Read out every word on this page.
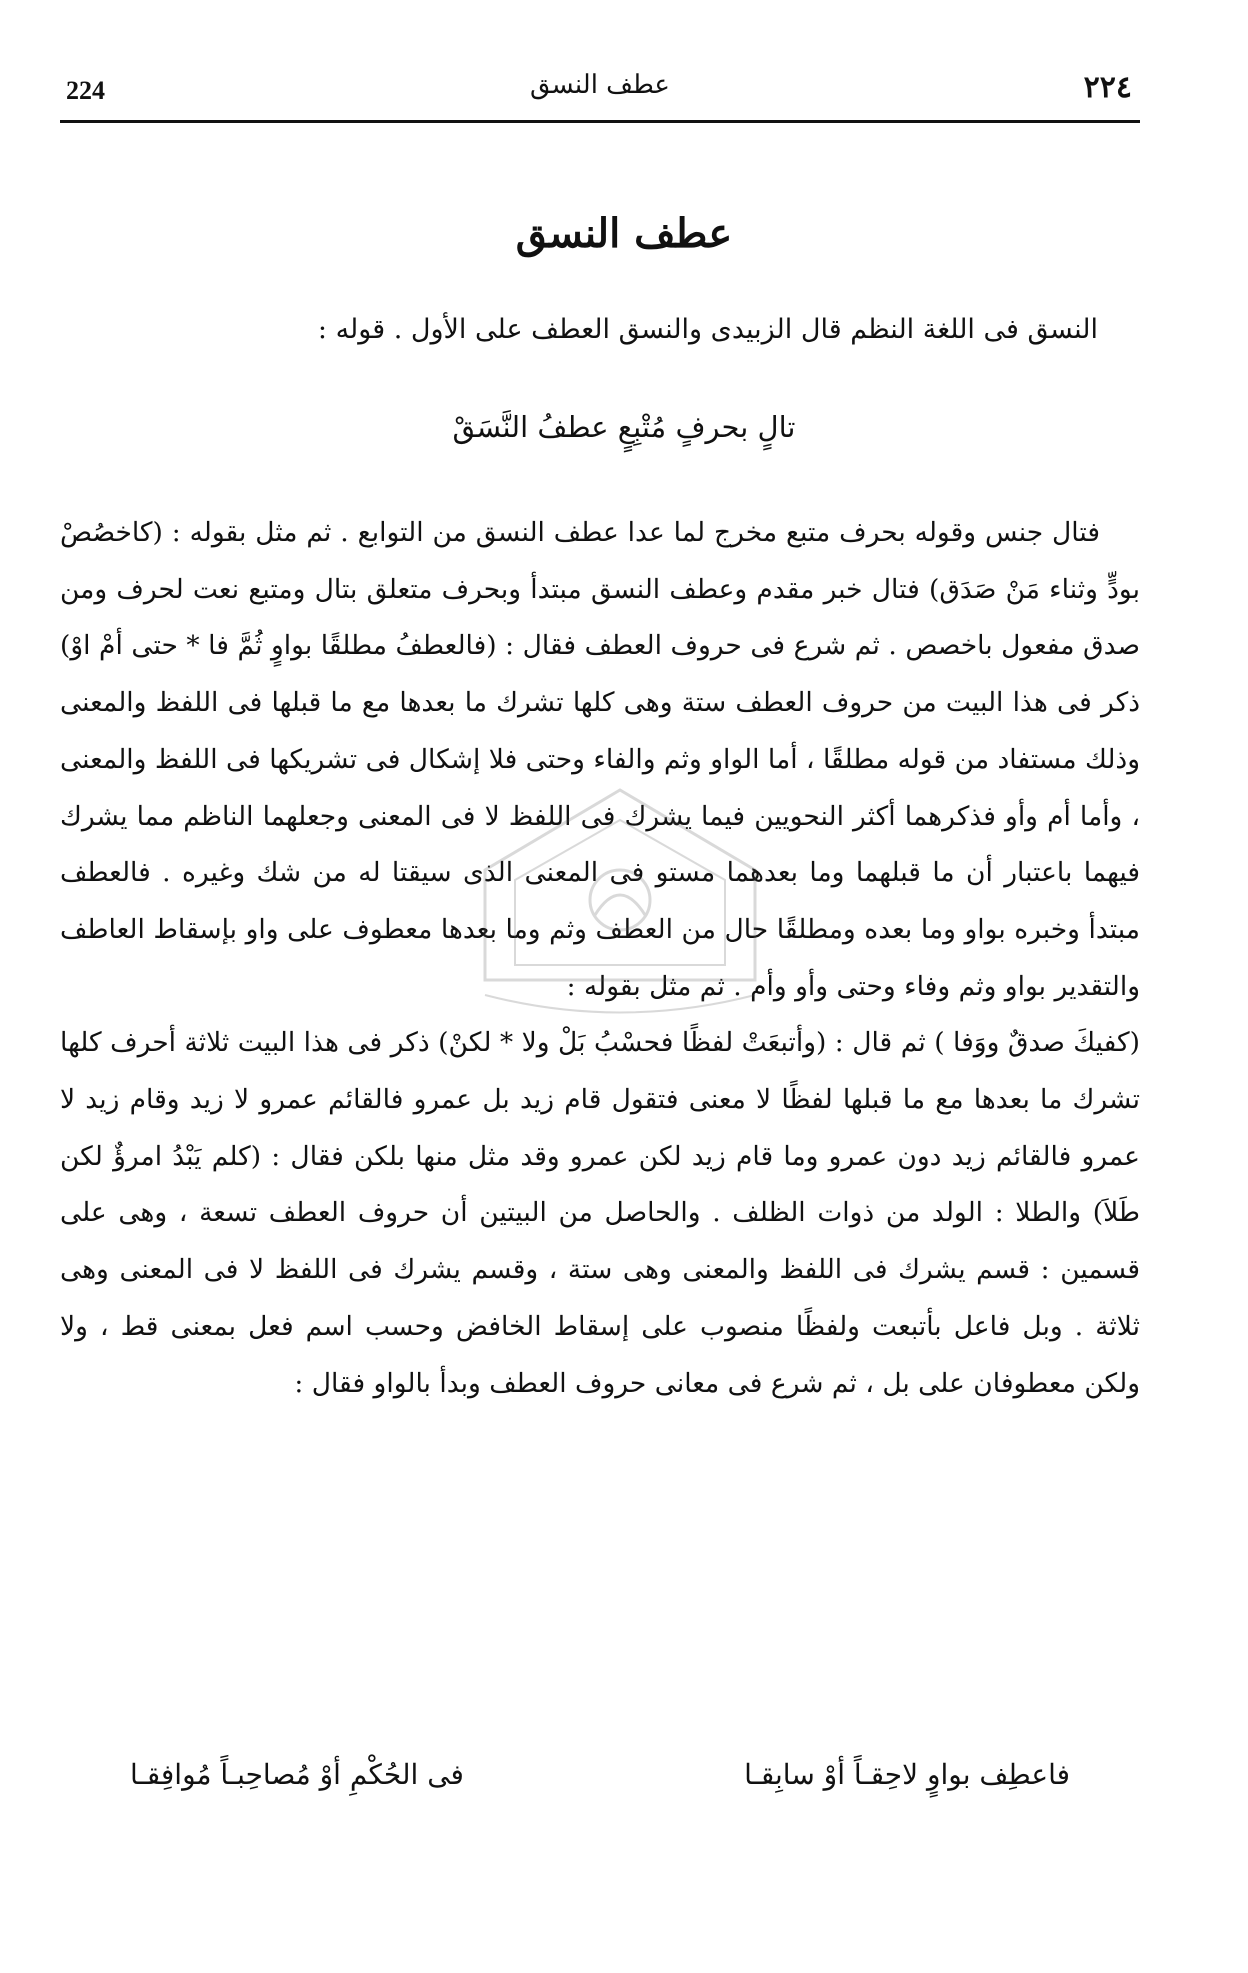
224	عطف النسق	٢٢٤
عطف النسق
النسق فى اللغة النظم قال الزبيدى والنسق العطف على الأول . قوله :
تالٍ بحرفٍ مُتْبِعٍ عطفُ النَّسَقْ

فتال جنس وقوله بحرف متبع مخرج لما عدا عطف النسق من التوابع . ثم مثل بقوله : (كاخصُصْ بودٍّ وثناء مَنْ صَدَق) فتال خبر مقدم وعطف النسق مبتدأ وبحرف متعلق بتال ومتبع نعت لحرف ومن صدق مفعول باخصص . ثم شرع فى حروف العطف فقال : (فالعطفُ مطلقًا بواوٍ ثُمَّ فا * حتى أمْ اوْ) ذكر فى هذا البيت من حروف العطف ستة وهى كلها تشرك ما بعدها مع ما قبلها فى اللفظ والمعنى وذلك مستفاد من قوله مطلقًا ، أما الواو وثم والفاء وحتى فلا إشكال فى تشريكها فى اللفظ والمعنى ، وأما أم وأو فذكرهما أكثر النحويين فيما يشرك فى اللفظ لا فى المعنى وجعلهما الناظم مما يشرك فيهما باعتبار أن ما قبلهما وما بعدهما مستو فى المعنى الذى سيقتا له من شك وغيره . فالعطف مبتدأ وخبره بواو وما بعده ومطلقًا حال من العطف وثم وما بعدها معطوف على واو بإسقاط العاطف والتقدير بواو وثم وفاء وحتى وأو وأم . ثم مثل بقوله :

(كفيكَ صدقٌ ووَفا ) ثم قال : (وأتبعَتْ لفظًا فحسْبُ بَلْ ولا * لكنْ) ذكر فى هذا البيت ثلاثة أحرف كلها تشرك ما بعدها مع ما قبلها لفظًا لا معنى فتقول قام زيد بل عمرو فالقائم عمرو لا زيد وقام زيد لا عمرو فالقائم زيد دون عمرو وما قام زيد لكن عمرو وقد مثل منها بلكن فقال : (كلم يَبْدُ امرؤٌ لكن طَلاَ) والطلا : الولد من ذوات الظلف . والحاصل من البيتين أن حروف العطف تسعة ، وهى على قسمين : قسم يشرك فى اللفظ والمعنى وهى ستة ، وقسم يشرك فى اللفظ لا فى المعنى وهى ثلاثة . وبل فاعل بأتبعت ولفظًا منصوب على إسقاط الخافض وحسب اسم فعل بمعنى قط ، ولا ولكن معطوفان على بل ، ثم شرع فى معانى حروف العطف وبدأ بالواو فقال :

فاعطِف بواوٍ لاحِقـاً أوْ سابِقـا
فى الحُكْمِ أوْ مُصاحِبـاً مُوافِقـا
